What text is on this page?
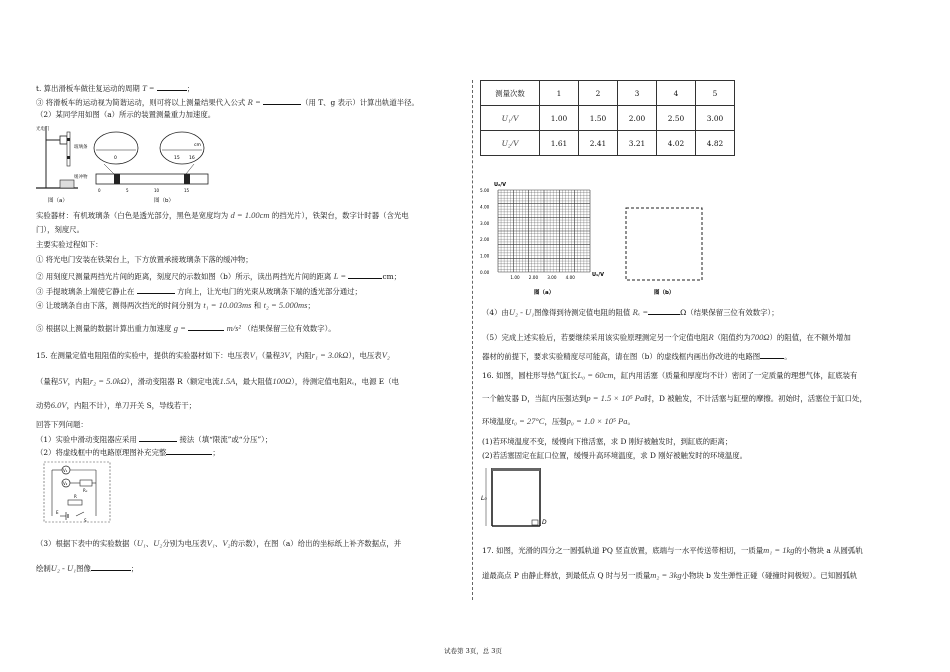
t. 算出滑板车做往复运动的周期 T =	；
③ 将滑板车的运动视为简谐运动，则可将以上测量结果代入公式 R =	（用 T、g 表示）计算出轨道半径。
（2）某同学用如图（a）所示的装置测量重力加速度。
光电门
玻璃条
缓冲物
图（a）
0	15 16
cm
0	5	10	15
图（b）
实验器材：有机玻璃条（白色是透光部分，黑色是宽度均为 d = 1.00cm 的挡光片），铁架台，数字计时器（含光电
门），刻度尺。
主要实验过程如下：
① 将光电门安装在铁架台上，下方放置承接玻璃条下落的缓冲物；
② 用刻度尺测量两挡光片间的距离，刻度尺的示数如图（b）所示，读出两挡光片间的距离 L =	cm；
③ 手提玻璃条上端使它静止在	方向上，让光电门的光束从玻璃条下端的透光部分通过；
④ 让玻璃条自由下落，测得两次挡光的时间分别为 t₁ = 10.003ms 和 t₂ = 5.000ms；
⑤ 根据以上测量的数据计算出重力加速度 g =	m/s² （结果保留三位有效数字）。
15. 在测量定值电阻阻值的实验中，提供的实验器材如下：电压表V₁（量程3V，内阻r₁ = 3.0kΩ），电压表V₂
（量程5V，内阻r₂ = 5.0kΩ），滑动变阻器 R（额定电流1.5A，最大阻值100Ω），待测定值电阻Rₓ，电源 E（电
动势6.0V，内阻不计），单刀开关 S，导线若干；
回答下列问题：
（1）实验中滑动变阻器应采用	接法（填“限流”或“分压”）；
（2）将虚线框中的电路原理图补充完整	；
V₁
V₂
Rₓ
R
E
S
（3）根据下表中的实验数据（U₁、U₂分别为电压表V₁、V₂的示数），在图（a）给出的坐标纸上补齐数据点，并
绘制U₂ - U₁图像	；
测量次数	1	2	3	4	5
U₁/V	1.00	1.50	2.00	2.50	3.00
U₂/V	1.61	2.41	3.21	4.02	4.82
5.00
4.00
3.00
2.00
1.00
0.00
1.00 2.00 3.00 4.00
U₂/V
U₁/V
图（a）	图（b）
（4）由U₂ - U₁图像得到待测定值电阻的阻值 Rₓ =	Ω（结果保留三位有效数字）；
（5）完成上述实验后，若要继续采用该实验原理测定另一个定值电阻R（阻值约为700Ω）的阻值，在不额外增加
器材的前提下，要求实验精度尽可能高，请在图（b）的虚线框内画出你改进的电路图	。
16. 如图，圆柱形导热气缸长L₀ = 60cm，缸内用活塞（质量和厚度均不计）密闭了一定质量的理想气体，缸底装有
一个触发器 D，当缸内压强达到p = 1.5 × 10⁵ Pa时，D 被触发，不计活塞与缸壁的摩擦。初始时，活塞位于缸口处，
环境温度t₀ = 27°C，压强p₀ = 1.0 × 10⁵ Pa。
(1)若环境温度不变，缓慢向下推活塞，求 D 刚好被触发时，到缸底的距离；
(2)若活塞固定在缸口位置，缓慢升高环境温度，求 D 刚好被触发时的环境温度。
L₀
D
17. 如图，光滑的四分之一圆弧轨道 PQ 竖直放置，底端与一水平传送带相切，一质量m₁ = 1kg的小物块 a 从圆弧轨
道最高点 P 由静止释放，到最低点 Q 时与另一质量m₂ = 3kg小物块 b 发生弹性正碰（碰撞时间极短）。已知圆弧轨
试卷第 3页，总 3页
